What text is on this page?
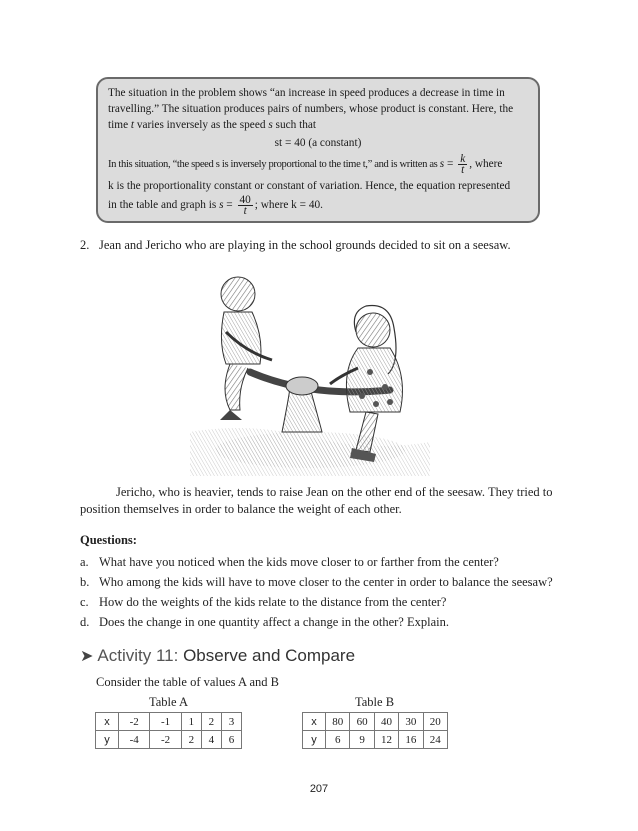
The situation in the problem shows “an increase in speed produces a decrease in time in

travelling.” The situation produces pairs of numbers, whose product is constant. Here, the

time t varies inversely as the speed s such that

st = 40 (a constant)

In this situation, “the speed s is inversely proportional to the time t,” and is written as $s = \frac{k}{t}$ , where

k is the proportionality constant or constant of variation. Hence, the equation represented

in the table and graph is $s = \frac{40}{t}$ ; where k = 40.

2. Jean and Jericho who are playing in the school grounds decided to sit on a seesaw.
Jericho, who is heavier, tends to raise Jean on the other end of the seesaw. They tried to position themselves in order to balance the weight of each other.
Questions:
a. What have you noticed when the kids move closer to or farther from the center?
b. Who among the kids will have to move closer to the center in order to balance the seesaw?
c. How do the weights of the kids relate to the distance from the center?
d. Does the change in one quantity affect a change in the other? Explain.
➤ Activity 11: Observe and Compare
Consider the table of values A and B
Table A
x	-2	-1	1	2	3
y	-4	-2	2	4	6
Table B
x	80	60	40	30	20
y	6	9	12	16	24
207
